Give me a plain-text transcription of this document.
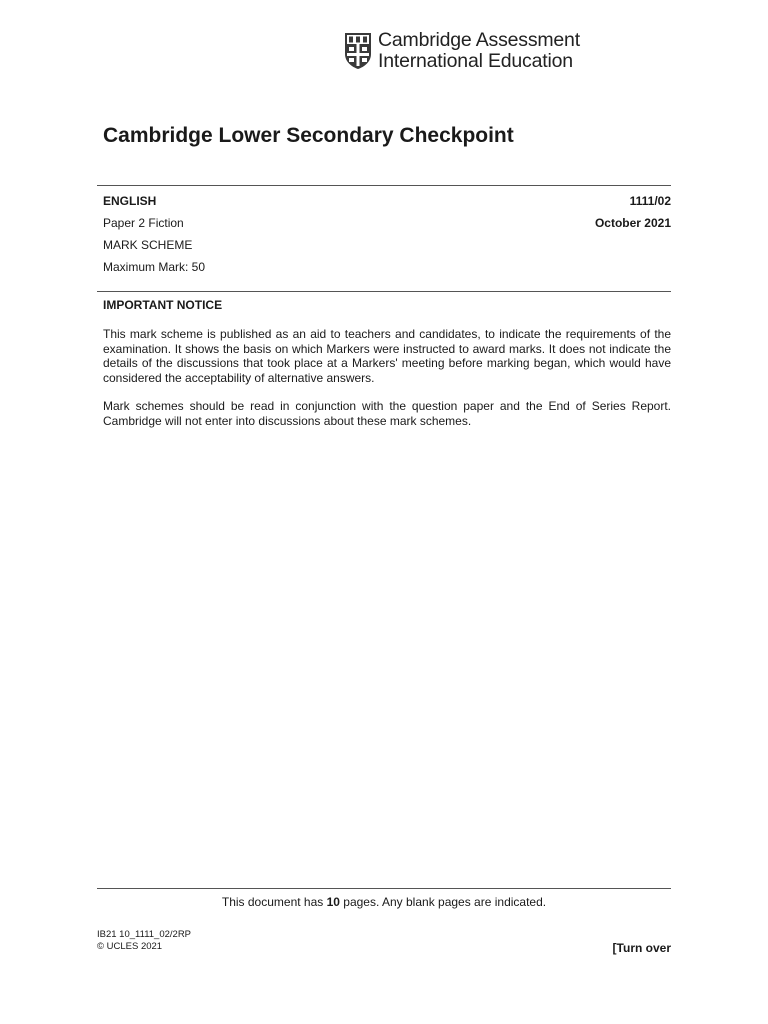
Cambridge Assessment
International Education
Cambridge Lower Secondary Checkpoint
ENGLISH
Paper 2 Fiction
MARK SCHEME
Maximum Mark: 50
1111/02
October 2021
IMPORTANT NOTICE

This mark scheme is published as an aid to teachers and candidates, to indicate the requirements of the examination. It shows the basis on which Markers were instructed to award marks. It does not indicate the details of the discussions that took place at a Markers' meeting before marking began, which would have considered the acceptability of alternative answers.

Mark schemes should be read in conjunction with the question paper and the End of Series Report. Cambridge will not enter into discussions about these mark schemes.

This document has 10 pages. Any blank pages are indicated.
IB21 10_1111_02/2RP
© UCLES 2021	[Turn over
